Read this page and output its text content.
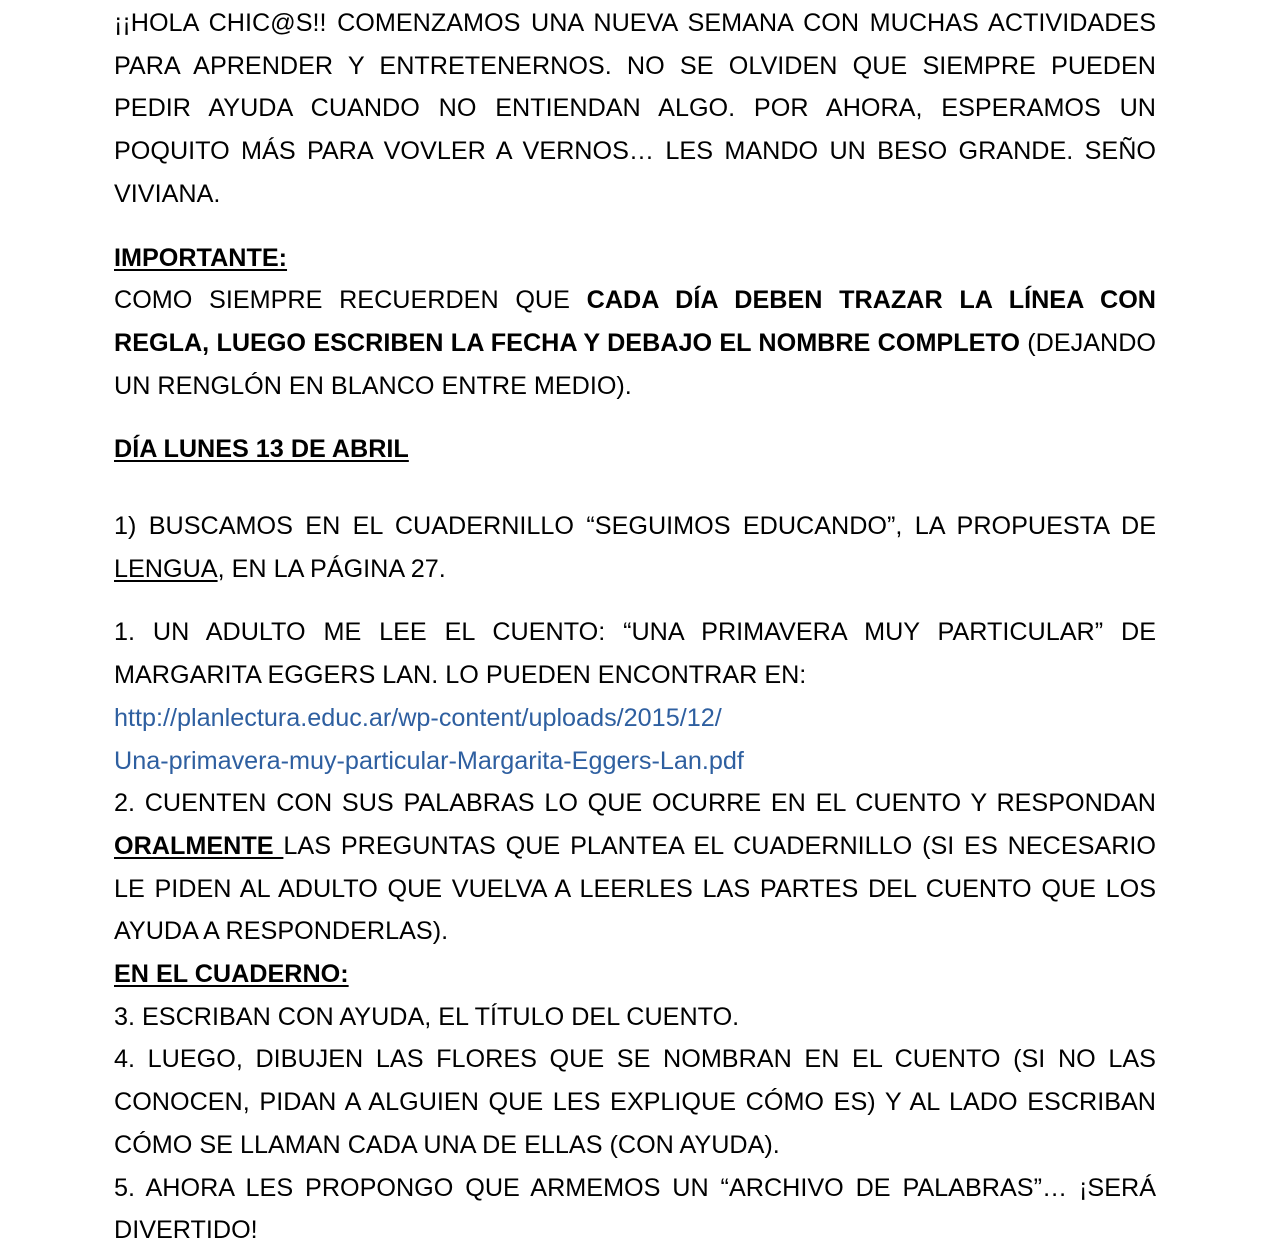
¡¡HOLA CHIC@S!! COMENZAMOS UNA NUEVA SEMANA CON MUCHAS ACTIVIDADES PARA APRENDER Y ENTRETENERNOS. NO SE OLVIDEN QUE SIEMPRE PUEDEN PEDIR AYUDA CUANDO NO ENTIENDAN ALGO. POR AHORA, ESPERAMOS UN POQUITO MÁS PARA VOVLER A VERNOS… LES MANDO UN BESO GRANDE. SEÑO VIVIANA.

IMPORTANTE:

COMO SIEMPRE RECUERDEN QUE CADA DÍA DEBEN TRAZAR LA LÍNEA CON REGLA, LUEGO ESCRIBEN LA FECHA Y DEBAJO EL NOMBRE COMPLETO (DEJANDO UN RENGLÓN EN BLANCO ENTRE MEDIO).

DÍA LUNES 13 DE ABRIL

1) BUSCAMOS EN EL CUADERNILLO “SEGUIMOS EDUCANDO”, LA PROPUESTA DE LENGUA, EN LA PÁGINA 27.

1. UN ADULTO ME LEE EL CUENTO: “UNA PRIMAVERA MUY PARTICULAR” DE MARGARITA EGGERS LAN. LO PUEDEN ENCONTRAR EN:

http://planlectura.educ.ar/wp-content/uploads/2015/12/
Una-primavera-muy-particular-Margarita-Eggers-Lan.pdf

2. CUENTEN CON SUS PALABRAS LO QUE OCURRE EN EL CUENTO Y RESPONDAN ORALMENTE LAS PREGUNTAS QUE PLANTEA EL CUADERNILLO (SI ES NECESARIO LE PIDEN AL ADULTO QUE VUELVA A LEERLES LAS PARTES DEL CUENTO QUE LOS AYUDA A RESPONDERLAS).

EN EL CUADERNO:

3. ESCRIBAN CON AYUDA, EL TÍTULO DEL CUENTO.

4. LUEGO, DIBUJEN LAS FLORES QUE SE NOMBRAN EN EL CUENTO (SI NO LAS CONOCEN, PIDAN A ALGUIEN QUE LES EXPLIQUE CÓMO ES) Y AL LADO ESCRIBAN CÓMO SE LLAMAN CADA UNA DE ELLAS (CON AYUDA).

5. AHORA LES PROPONGO QUE ARMEMOS UN “ARCHIVO DE PALABRAS”… ¡SERÁ DIVERTIDO!
